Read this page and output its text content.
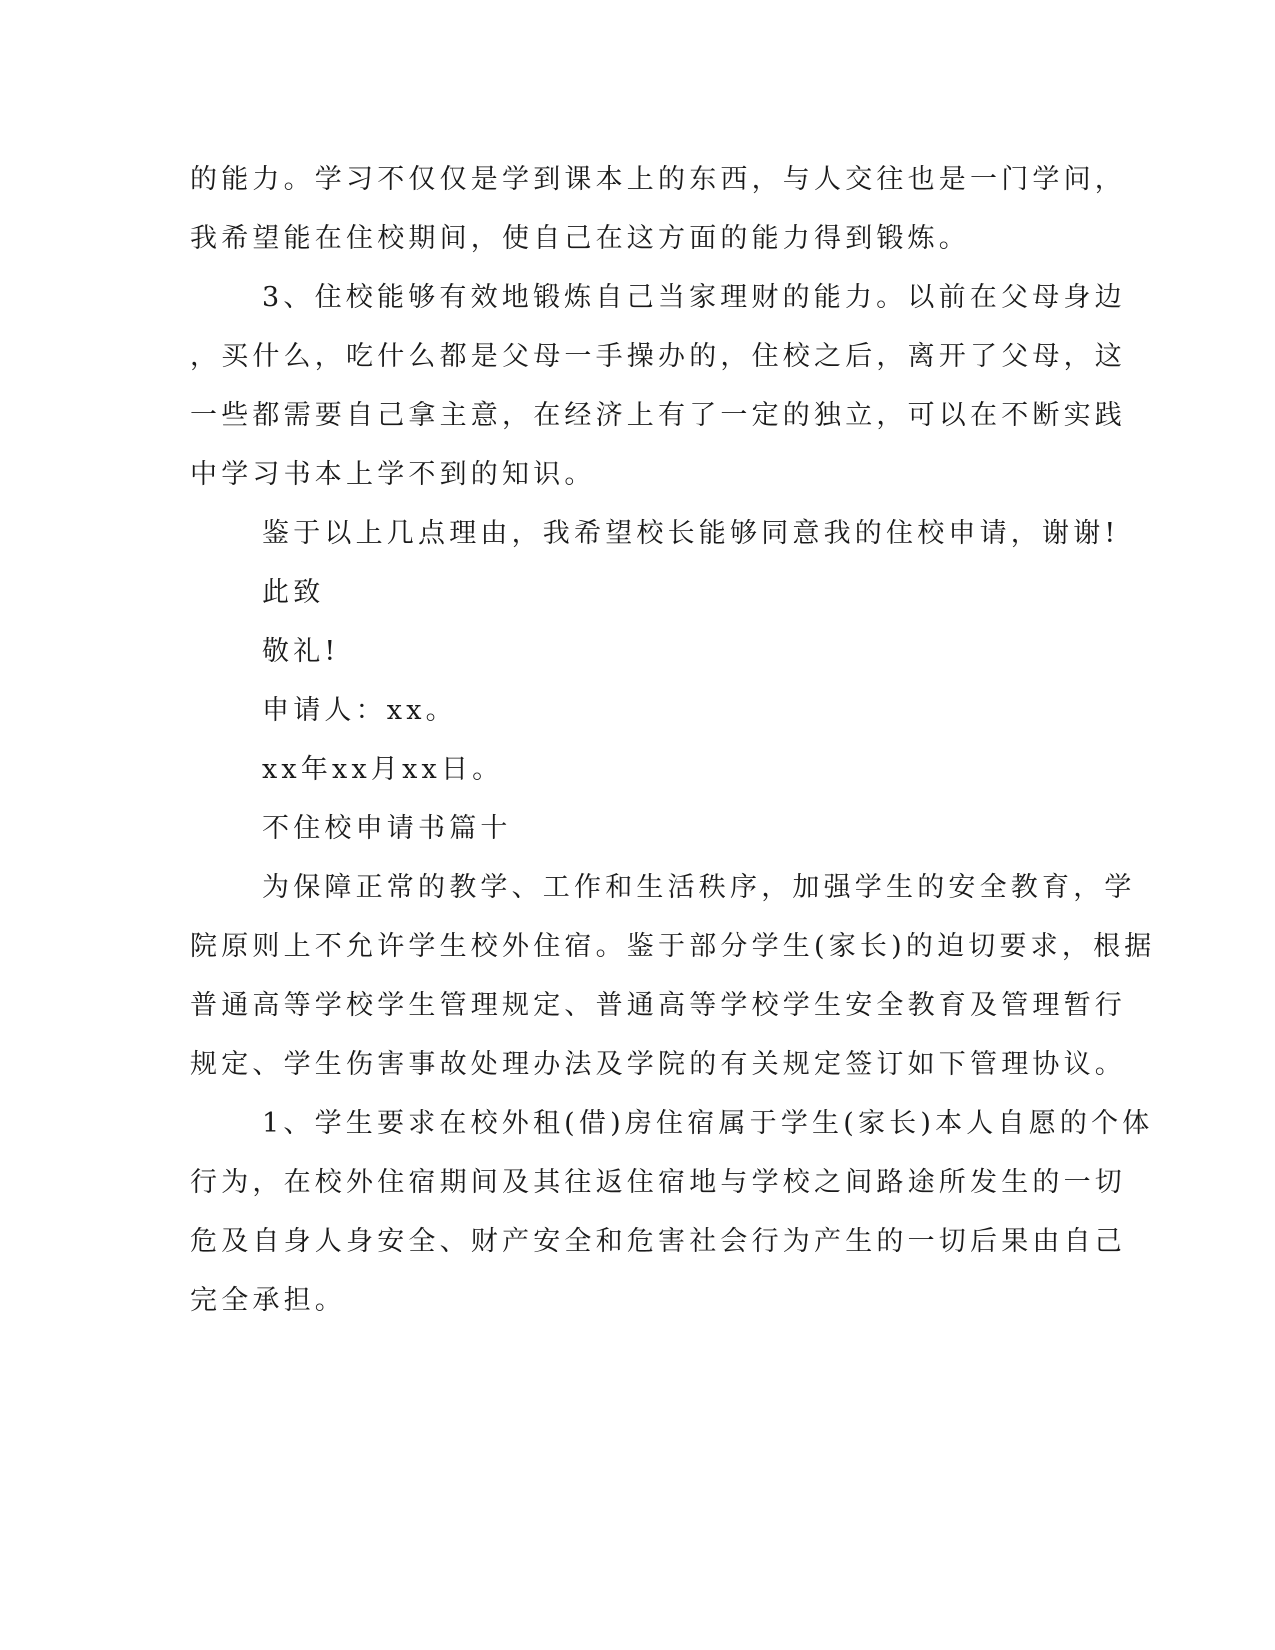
的能力。学习不仅仅是学到课本上的东西，与人交往也是一门学问，
我希望能在住校期间，使自己在这方面的能力得到锻炼。
3、住校能够有效地锻炼自己当家理财的能力。以前在父母身边
，买什么，吃什么都是父母一手操办的，住校之后，离开了父母，这
一些都需要自己拿主意，在经济上有了一定的独立，可以在不断实践
中学习书本上学不到的知识。
鉴于以上几点理由，我希望校长能够同意我的住校申请，谢谢!
此致
敬礼!
申请人：xx。
xx年xx月xx日。
不住校申请书篇十
为保障正常的教学、工作和生活秩序，加强学生的安全教育，学
院原则上不允许学生校外住宿。鉴于部分学生(家长)的迫切要求，根据
普通高等学校学生管理规定、普通高等学校学生安全教育及管理暂行
规定、学生伤害事故处理办法及学院的有关规定签订如下管理协议。
1、学生要求在校外租(借)房住宿属于学生(家长)本人自愿的个体
行为，在校外住宿期间及其往返住宿地与学校之间路途所发生的一切
危及自身人身安全、财产安全和危害社会行为产生的一切后果由自己
完全承担。
